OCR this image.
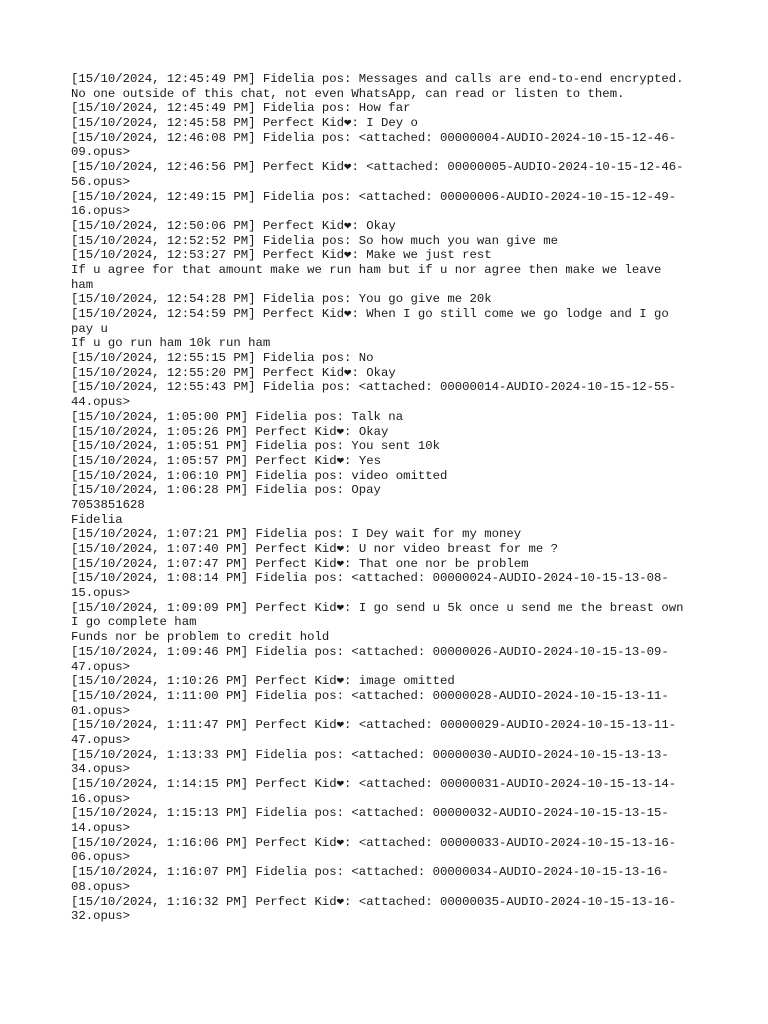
[15/10/2024, 12:45:49 PM] Fidelia pos: Messages and calls are end-to-end encrypted.
No one outside of this chat, not even WhatsApp, can read or listen to them.
[15/10/2024, 12:45:49 PM] Fidelia pos: How far
[15/10/2024, 12:45:58 PM] Perfect Kid❤: I Dey o
[15/10/2024, 12:46:08 PM] Fidelia pos: <attached: 00000004-AUDIO-2024-10-15-12-46-
09.opus>
[15/10/2024, 12:46:56 PM] Perfect Kid❤: <attached: 00000005-AUDIO-2024-10-15-12-46-
56.opus>
[15/10/2024, 12:49:15 PM] Fidelia pos: <attached: 00000006-AUDIO-2024-10-15-12-49-
16.opus>
[15/10/2024, 12:50:06 PM] Perfect Kid❤: Okay
[15/10/2024, 12:52:52 PM] Fidelia pos: So how much you wan give me
[15/10/2024, 12:53:27 PM] Perfect Kid❤: Make we just rest
If u agree for that amount make we run ham but if u nor agree then make we leave
ham
[15/10/2024, 12:54:28 PM] Fidelia pos: You go give me 20k
[15/10/2024, 12:54:59 PM] Perfect Kid❤: When I go still come we go lodge and I go
pay u
If u go run ham 10k run ham
[15/10/2024, 12:55:15 PM] Fidelia pos: No
[15/10/2024, 12:55:20 PM] Perfect Kid❤: Okay
[15/10/2024, 12:55:43 PM] Fidelia pos: <attached: 00000014-AUDIO-2024-10-15-12-55-
44.opus>
[15/10/2024, 1:05:00 PM] Fidelia pos: Talk na
[15/10/2024, 1:05:26 PM] Perfect Kid❤: Okay
[15/10/2024, 1:05:51 PM] Fidelia pos: You sent 10k
[15/10/2024, 1:05:57 PM] Perfect Kid❤: Yes
[15/10/2024, 1:06:10 PM] Fidelia pos: video omitted
[15/10/2024, 1:06:28 PM] Fidelia pos: Opay
7053851628
Fidelia
[15/10/2024, 1:07:21 PM] Fidelia pos: I Dey wait for my money
[15/10/2024, 1:07:40 PM] Perfect Kid❤: U nor video breast for me ?
[15/10/2024, 1:07:47 PM] Perfect Kid❤: That one nor be problem
[15/10/2024, 1:08:14 PM] Fidelia pos: <attached: 00000024-AUDIO-2024-10-15-13-08-
15.opus>
[15/10/2024, 1:09:09 PM] Perfect Kid❤: I go send u 5k once u send me the breast own
I go complete ham
Funds nor be problem to credit hold
[15/10/2024, 1:09:46 PM] Fidelia pos: <attached: 00000026-AUDIO-2024-10-15-13-09-
47.opus>
[15/10/2024, 1:10:26 PM] Perfect Kid❤: image omitted
[15/10/2024, 1:11:00 PM] Fidelia pos: <attached: 00000028-AUDIO-2024-10-15-13-11-
01.opus>
[15/10/2024, 1:11:47 PM] Perfect Kid❤: <attached: 00000029-AUDIO-2024-10-15-13-11-
47.opus>
[15/10/2024, 1:13:33 PM] Fidelia pos: <attached: 00000030-AUDIO-2024-10-15-13-13-
34.opus>
[15/10/2024, 1:14:15 PM] Perfect Kid❤: <attached: 00000031-AUDIO-2024-10-15-13-14-
16.opus>
[15/10/2024, 1:15:13 PM] Fidelia pos: <attached: 00000032-AUDIO-2024-10-15-13-15-
14.opus>
[15/10/2024, 1:16:06 PM] Perfect Kid❤: <attached: 00000033-AUDIO-2024-10-15-13-16-
06.opus>
[15/10/2024, 1:16:07 PM] Fidelia pos: <attached: 00000034-AUDIO-2024-10-15-13-16-
08.opus>
[15/10/2024, 1:16:32 PM] Perfect Kid❤: <attached: 00000035-AUDIO-2024-10-15-13-16-
32.opus>
